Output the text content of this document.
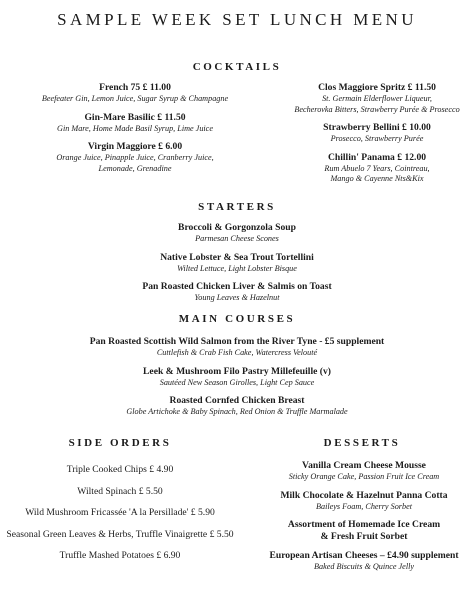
SAMPLE WEEK SET LUNCH MENU
COCKTAILS
French 75 £ 11.00
Beefeater Gin, Lemon Juice, Sugar Syrup & Champagne
Gin-Mare Basilic £ 11.50
Gin Mare, Home Made Basil Syrup, Lime Juice
Virgin Maggiore £ 6.00
Orange Juice, Pinapple Juice, Cranberry Juice,
Lemonade, Grenadine
Clos Maggiore Spritz £ 11.50
St. Germain Elderflower Liqueur,
Becherovka Bitters, Strawberry Purée & Prosecco
Strawberry Bellini £ 10.00
Prosecco, Strawberry Purée
Chillin' Panama £ 12.00
Rum Abuelo 7 Years, Cointreau,
Mango & Cayenne Nts&Kix
STARTERS
Broccoli & Gorgonzola Soup
Parmesan Cheese Scones
Native Lobster & Sea Trout Tortellini
Wilted Lettuce, Light Lobster Bisque
Pan Roasted Chicken Liver & Salmis on Toast
Young Leaves & Hazelnut
MAIN COURSES
Pan Roasted Scottish Wild Salmon from the River Tyne - £5 supplement
Cuttlefish & Crab Fish Cake, Watercress Velouté
Leek & Mushroom Filo Pastry Millefeuille (v)
Sautéed New Season Girolles, Light Cep Sauce
Roasted Cornfed Chicken Breast
Globe Artichoke & Baby Spinach, Red Onion & Truffle Marmalade
SIDE ORDERS
Triple Cooked Chips £ 4.90
Wilted Spinach £ 5.50
Wild Mushroom Fricassée 'A la Persillade' £ 5.90
Seasonal Green Leaves & Herbs, Truffle Vinaigrette £ 5.50
Truffle Mashed Potatoes £ 6.90
DESSERTS
Vanilla Cream Cheese Mousse
Sticky Orange Cake, Passion Fruit Ice Cream
Milk Chocolate & Hazelnut Panna Cotta
Baileys Foam, Cherry Sorbet
Assortment of Homemade Ice Cream
& Fresh Fruit Sorbet
European Artisan Cheeses – £4.90 supplement
Baked Biscuits & Quince Jelly
